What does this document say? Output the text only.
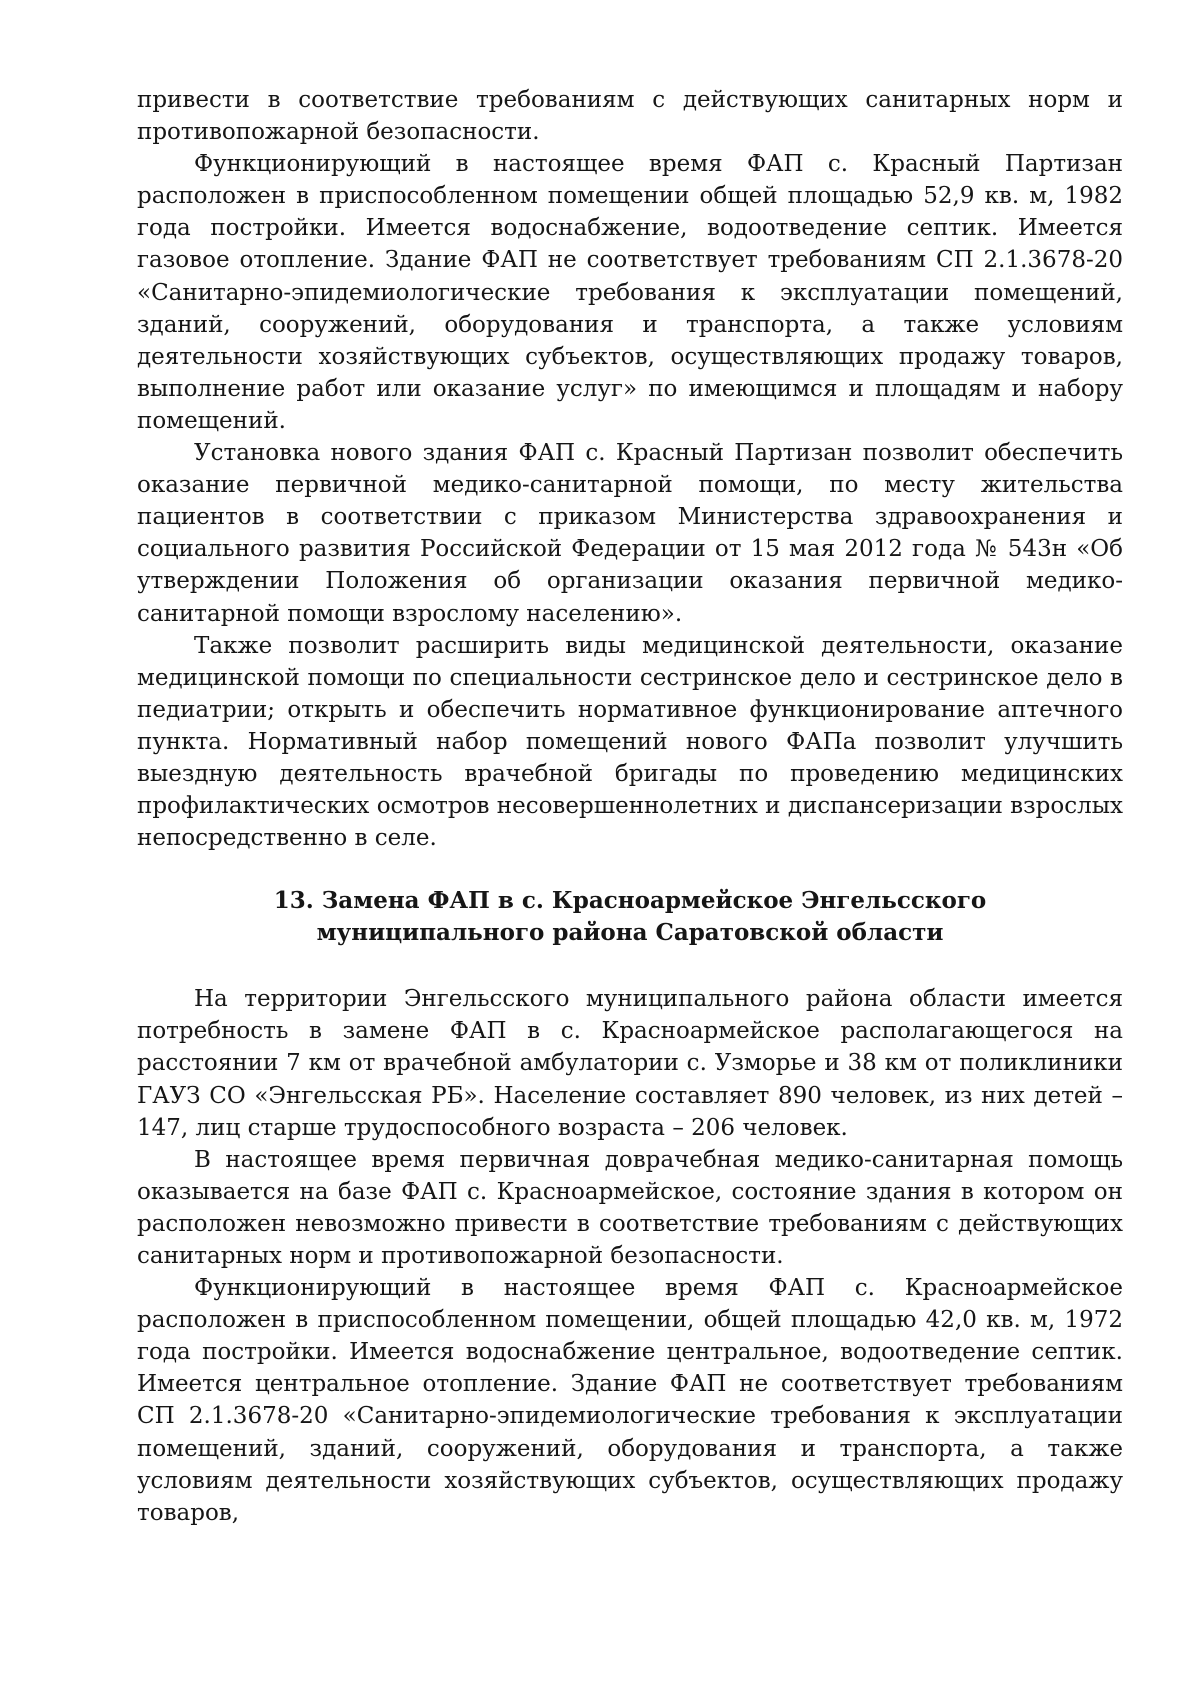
привести в соответствие требованиям с действующих санитарных норм и противопожарной безопасности.

Функционирующий в настоящее время ФАП с. Красный Партизан расположен в приспособленном помещении общей площадью 52,9 кв. м, 1982 года постройки. Имеется водоснабжение, водоотведение септик. Имеется газовое отопление. Здание ФАП не соответствует требованиям СП 2.1.3678-20 «Санитарно-эпидемиологические требования к эксплуатации помещений, зданий, сооружений, оборудования и транспорта, а также условиям деятельности хозяйствующих субъектов, осуществляющих продажу товаров, выполнение работ или оказание услуг» по имеющимся и площадям и набору помещений.

Установка нового здания ФАП с. Красный Партизан позволит обеспечить оказание первичной медико-санитарной помощи, по месту жительства пациентов в соответствии с приказом Министерства здравоохранения и социального развития Российской Федерации от 15 мая 2012 года № 543н «Об утверждении Положения об организации оказания первичной медико-санитарной помощи взрослому населению».

Также позволит расширить виды медицинской деятельности, оказание медицинской помощи по специальности сестринское дело и сестринское дело в педиатрии; открыть и обеспечить нормативное функционирование аптечного пункта. Нормативный набор помещений нового ФАПа позволит улучшить выездную деятельность врачебной бригады по проведению медицинских профилактических осмотров несовершеннолетних и диспансеризации взрослых непосредственно в селе.

13. Замена ФАП в с. Красноармейское Энгельсского муниципального района Саратовской области

На территории Энгельсского муниципального района области имеется потребность в замене ФАП в с. Красноармейское располагающегося на расстоянии 7 км от врачебной амбулатории с. Узморье и 38 км от поликлиники ГАУЗ СО «Энгельсская РБ». Население составляет 890 человек, из них детей – 147, лиц старше трудоспособного возраста – 206 человек.

В настоящее время первичная доврачебная медико-санитарная помощь оказывается на базе ФАП с. Красноармейское, состояние здания в котором он расположен невозможно привести в соответствие требованиям с действующих санитарных норм и противопожарной безопасности.

Функционирующий в настоящее время ФАП с. Красноармейское расположен в приспособленном помещении, общей площадью 42,0 кв. м, 1972 года постройки. Имеется водоснабжение центральное, водоотведение септик. Имеется центральное отопление. Здание ФАП не соответствует требованиям СП 2.1.3678-20 «Санитарно-эпидемиологические требования к эксплуатации помещений, зданий, сооружений, оборудования и транспорта, а также условиям деятельности хозяйствующих субъектов, осуществляющих продажу товаров,
